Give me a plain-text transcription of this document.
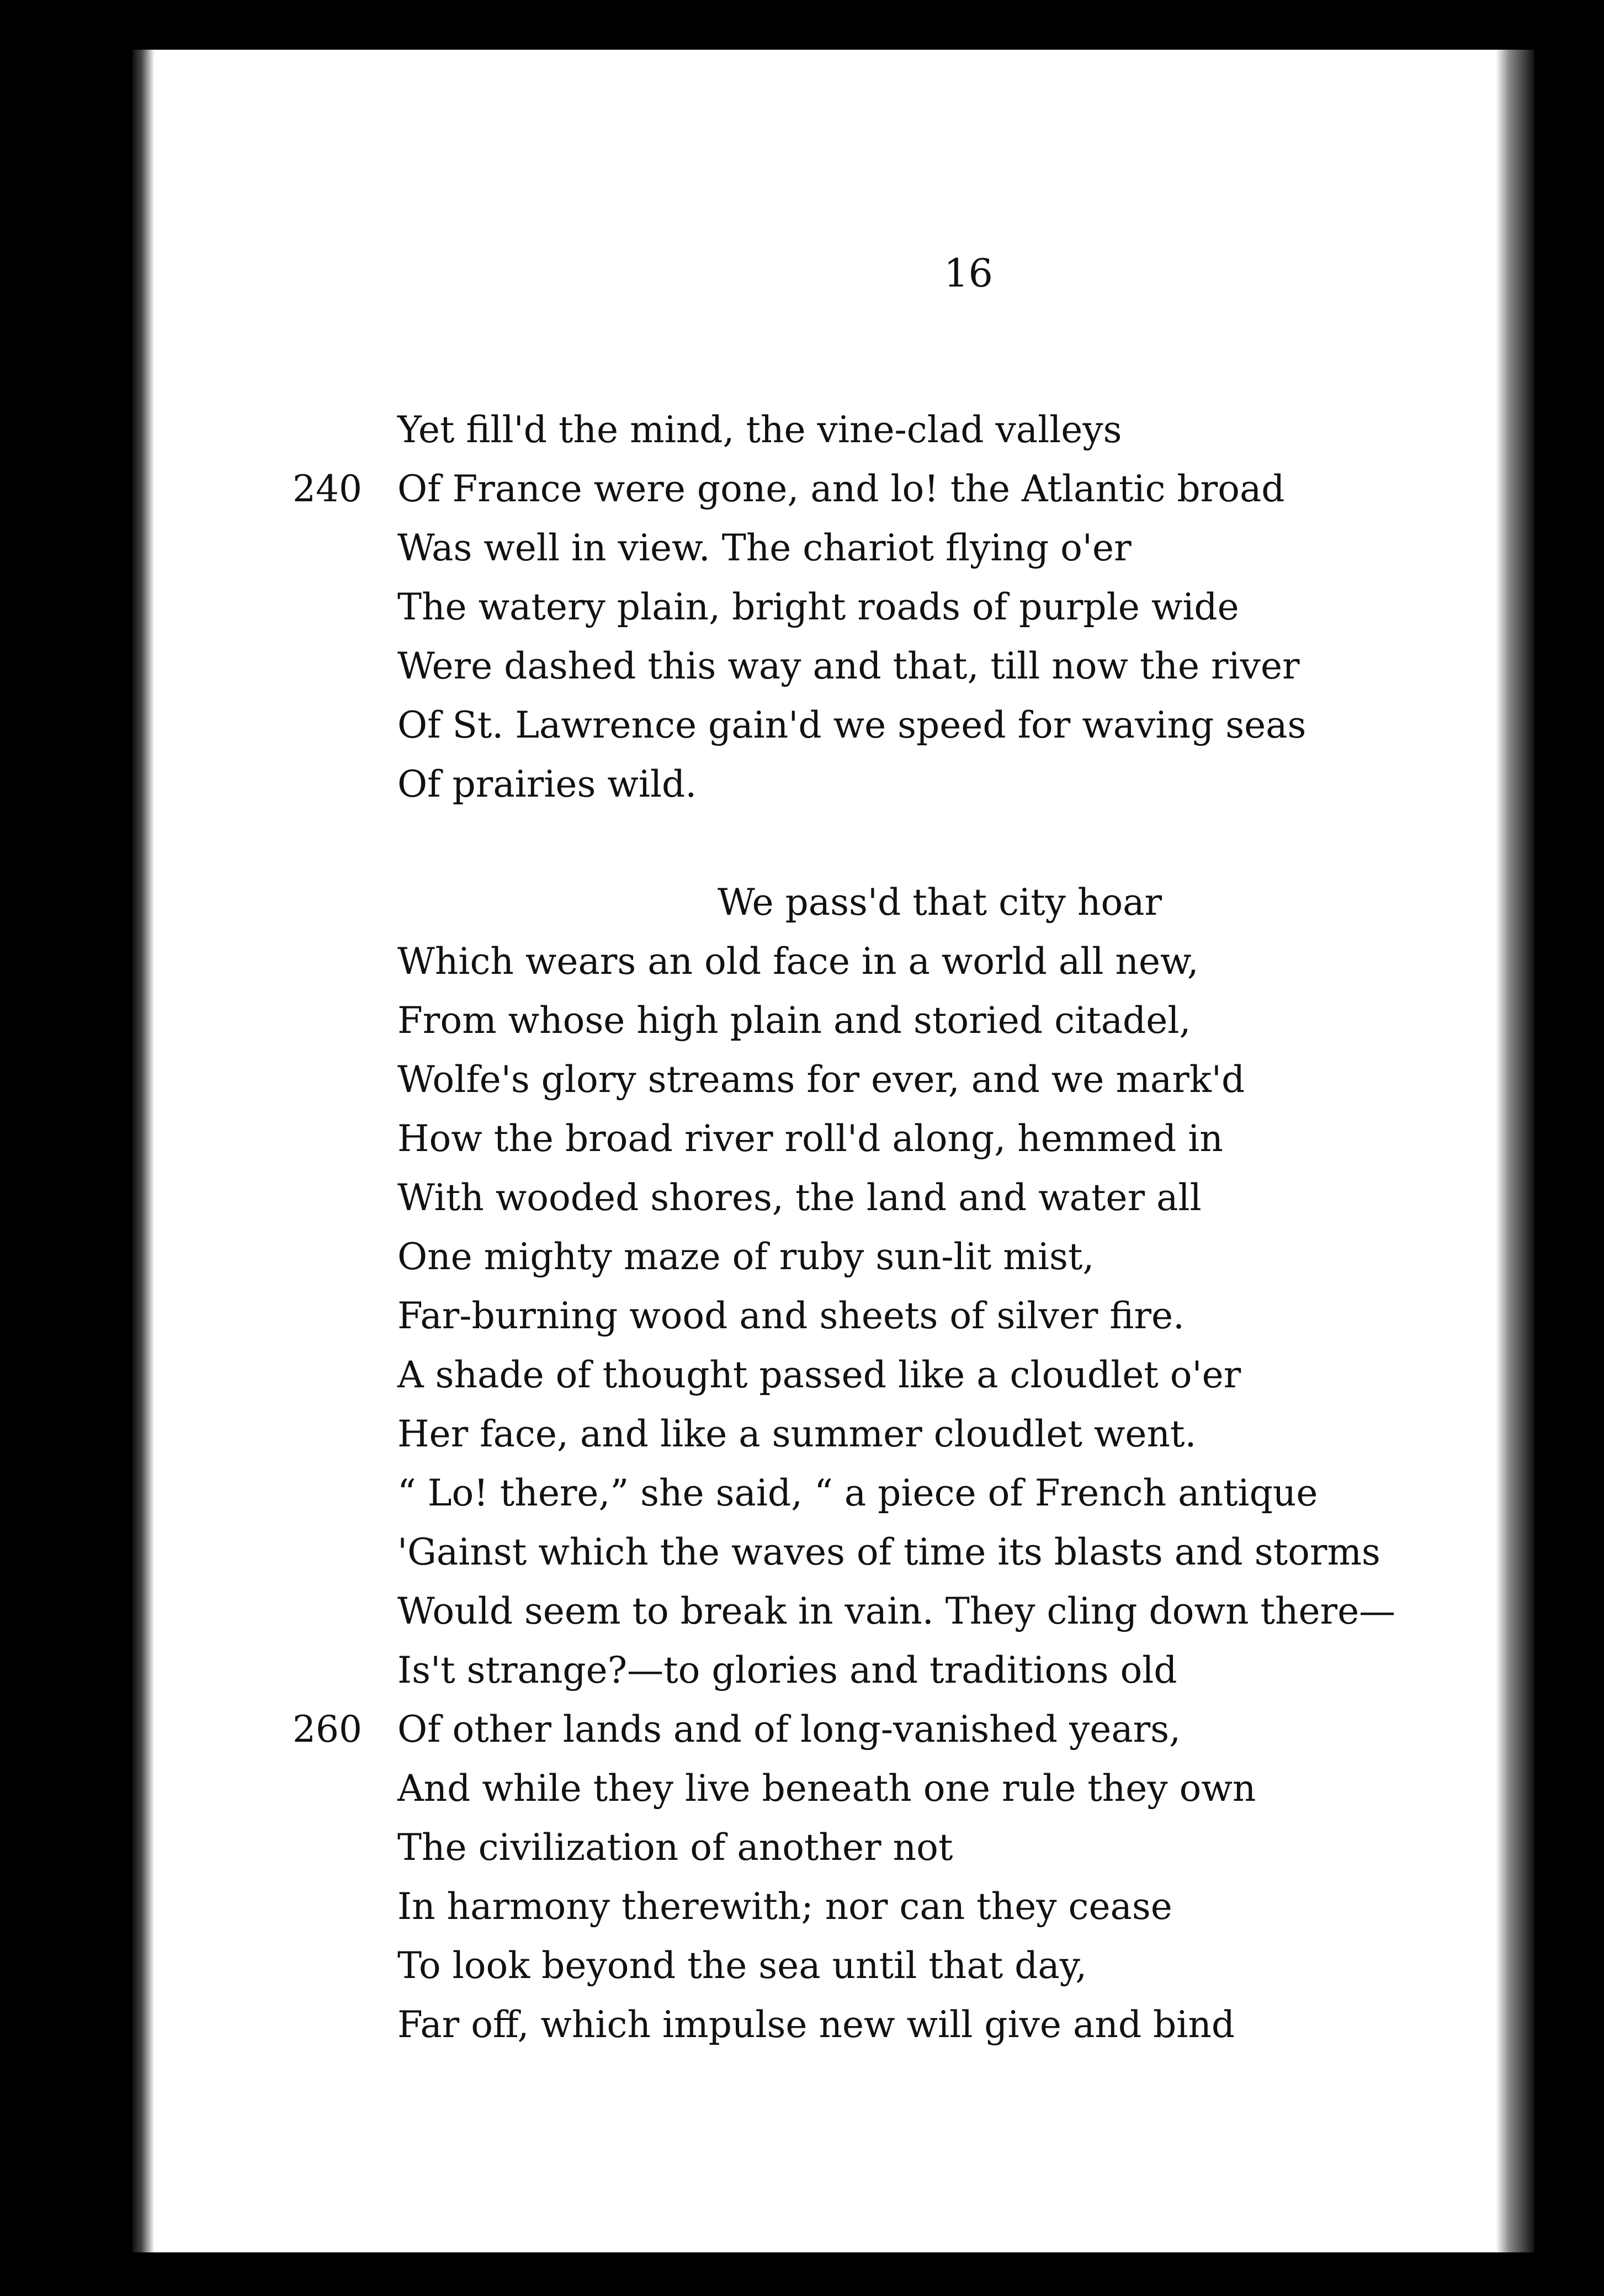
16
Yet fill'd the mind, the vine-clad valleys
240 Of France were gone, and lo! the Atlantic broad
Was well in view. The chariot flying o'er
The watery plain, bright roads of purple wide
Were dashed this way and that, till now the river
Of St. Lawrence gain'd we speed for waving seas
Of prairies wild.
We pass'd that city hoar
Which wears an old face in a world all new,
From whose high plain and storied citadel,
Wolfe's glory streams for ever, and we mark'd
How the broad river roll'd along, hemmed in
With wooded shores, the land and water all
One mighty maze of ruby sun-lit mist,
Far-burning wood and sheets of silver fire.
A shade of thought passed like a cloudlet o'er
Her face, and like a summer cloudlet went.
“ Lo! there,” she said, “ a piece of French antique
'Gainst which the waves of time its blasts and storms
Would seem to break in vain. They cling down there—
Is't strange?—to glories and traditions old
260 Of other lands and of long-vanished years,
And while they live beneath one rule they own
The civilization of another not
In harmony therewith; nor can they cease
To look beyond the sea until that day,
Far off, which impulse new will give and bind
